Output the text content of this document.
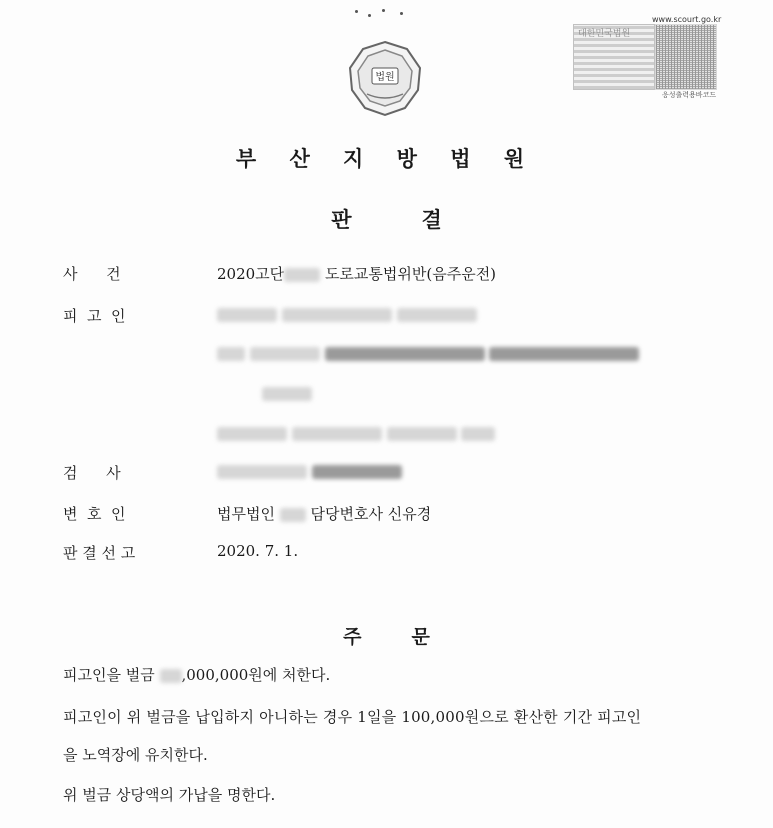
법원
www.scourt.go.kr
대한민국법원
응성출력용바코드
부 산 지 방 법 원
판	결
사      건	2020고단	도로교통법위반(음주운전)
피  고  인

검      사

변  호  인	법무법인 담당변호사 신유경
판 결 선 고	2020. 7. 1.
주	문
피고인을 벌금 ,000,000원에 처한다.
피고인이 위 벌금을 납입하지 아니하는 경우 1일을 100,000원으로 환산한 기간 피고인
을 노역장에 유치한다.
위 벌금 상당액의 가납을 명한다.
